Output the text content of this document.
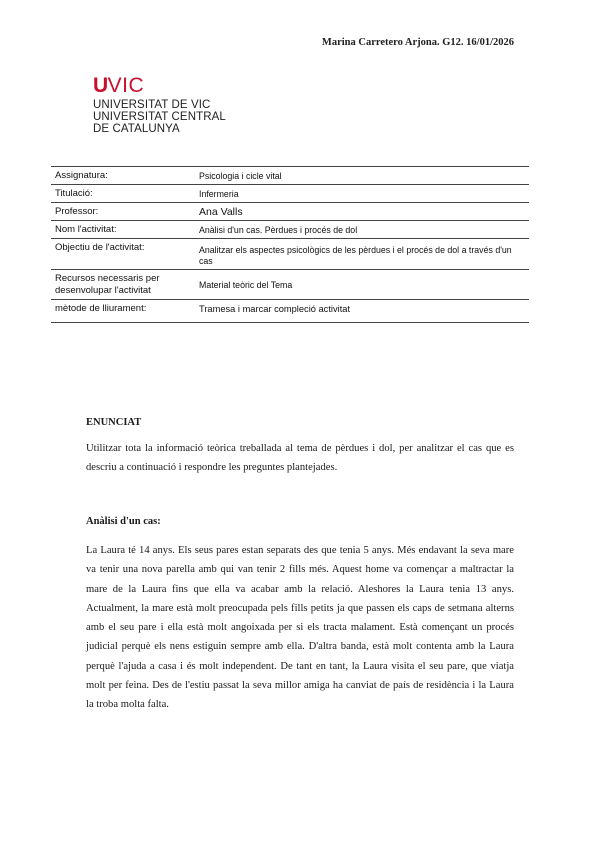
Marina Carretero Arjona. G12. 16/01/2026
U VIC
UNIVERSITAT DE VIC
UNIVERSITAT CENTRAL
DE CATALUNYA
Assignatura:	Psicologia i cicle vital
Titulació:	Infermeria
Professor:	Ana Valls
Nom l'activitat:	Anàlisi d'un cas. Pèrdues i procés de dol
Objectiu de l'activitat:	Analitzar els aspectes psicològics de les pèrdues i el procés de dol a través d'un cas
Recursos necessaris per desenvolupar l'activitat	Material teòric del Tema
mètode de lliurament:	Tramesa i marcar compleció activitat
ENUNCIAT
Utilitzar tota la informació teòrica treballada al tema de pèrdues i dol, per analitzar el cas que es descriu a continuació i respondre les preguntes plantejades.
Anàlisi d'un cas:
La Laura té 14 anys. Els seus pares estan separats des que tenia 5 anys. Més endavant la seva mare va tenir una nova parella amb qui van tenir 2 fills més. Aquest home va començar a maltractar la mare de la Laura fins que ella va acabar amb la relació. Aleshores la Laura tenia 13 anys. Actualment, la mare està molt preocupada pels fills petits ja que passen els caps de setmana alterns amb el seu pare i ella està molt angoixada per si els tracta malament. Està començant un procés judicial perquè els nens estiguin sempre amb ella. D'altra banda, està molt contenta amb la Laura perquè l'ajuda a casa i és molt independent. De tant en tant, la Laura visita el seu pare, que viatja molt per feina. Des de l'estiu passat la seva millor amiga ha canviat de país de residència i la Laura la troba molta falta.
